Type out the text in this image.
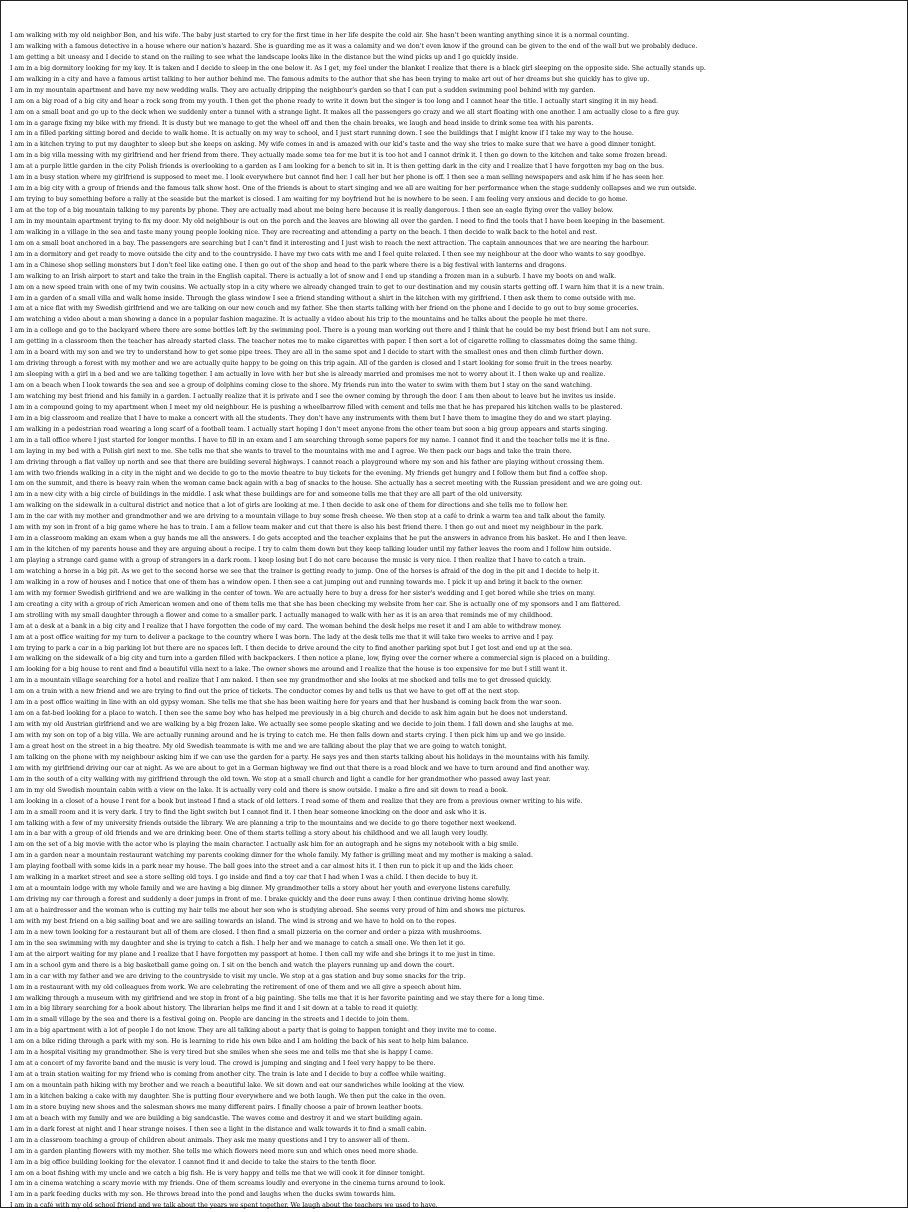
I am walking with my old neighbor Ben, and his wife. The baby just started to cry for the first time in her life despite the cold air. She hasn't been wanting anything since it is a normal counting.
I am walking with a famous detective in a house where our nation's hazard. She is guarding me as it was a calamity and we don't even know if the ground can be given to the end of the wall but we probably deduce.
I am getting a bit uneasy and I decide to stand on the railing to see what the landscape looks like in the distance but the wind picks up and I go quickly inside.
I am in a big dormitory looking for my key. It is taken and I decide to sleep in the one below it. As I get, my feel under the blanket I realize that there is a black girl sleeping on the opposite side. She actually stands up.
I am walking in a city and have a famous artist talking to her author behind me. The famous admits to the author that she has been trying to make art out of her dreams but she quickly has to give up.
I am in my mountain apartment and have my new wedding walls. They are actually dripping the neighbour's garden so that I can put a sudden swimming pool behind with my garden.
I am on a big road of a big city and hear a rock song from my youth. I then get the phone ready to write it down but the singer is too long and I cannot hear the title. I actually start singing it in my head.
I am on a small boat and go up to the deck when we suddenly enter a tunnel with a strange light. It makes all the passengers go crazy and we all start floating with one another. I am actually close to a fire guy.
I am in a garage fixing my bike with my friend. It is dusty but we manage to get the wheel off and then the chain breaks, we laugh and head inside to drink some tea with his parents.
I am in a filled parking sitting bored and decide to walk home. It is actually on my way to school, and I just start running down. I see the buildings that I might know if I take my way to the house.
I am in a kitchen trying to put my daughter to sleep but she keeps on asking. My wife comes in and is amazed with our kid's taste and the way she tries to make sure that we have a good dinner tonight.
I am in a big villa messing with my girlfriend and her friend from there. They actually made some tea for me but it is too hot and I cannot drink it. I then go down to the kitchen and take some frozen bread.
I am at a purple little garden in the city Polish friends is overlooking to a garden as I am looking for a bench to sit in. It is then getting dark in the city and I realize that I have forgotten my bag on the bus.
I am in a busy station where my girlfriend is supposed to meet me. I look everywhere but cannot find her. I call her but her phone is off. I then see a man selling newspapers and ask him if he has seen her.
I am in a big city with a group of friends and the famous talk show host. One of the friends is about to start singing and we all are waiting for her performance when the stage suddenly collapses and we run outside.
I am trying to buy something before a rally at the seaside but the market is closed. I am waiting for my boyfriend but he is nowhere to be seen. I am feeling very anxious and decide to go home.
I am at the top of a big mountain talking to my parents by phone. They are actually mad about me being here because it is really dangerous. I then see an eagle flying over the valley below.
I am in my mountain apartment trying to fix my door. My old neighbour is out on the porch and the leaves are blowing all over the garden. I need to find the tools that I have been keeping in the basement.
I am walking in a village in the sea and taste many young people looking nice. They are recreating and attending a party on the beach. I then decide to walk back to the hotel and rest.
I am on a small boat anchored in a bay. The passengers are searching but I can't find it interesting and I just wish to reach the next attraction. The captain announces that we are nearing the harbour.
I am in a dormitory and get ready to move outside the city and to the countryside. I have my two cats with me and I feel quite relaxed. I then see my neighbour at the door who wants to say goodbye.
I am in a Chinese shop selling monsters but I don't feel like eating one. I then go out of the shop and head to the park where there is a big festival with lanterns and dragons.
I am walking to an Irish airport to start and take the train in the English capital. There is actually a lot of snow and I end up standing a frozen man in a suburb. I have my boots on and walk.
I am on a new speed train with one of my twin cousins. We actually stop in a city where we already changed train to get to our destination and my cousin starts getting off. I warn him that it is a new train.
I am in a garden of a small villa and walk home inside. Through the glass window I see a friend standing without a shirt in the kitchen with my girlfriend. I then ask them to come outside with me.
I am at a nice flat with my Swedish girlfriend and we are talking on our new couch and my father. She then starts talking with her friend on the phone and I decide to go out to buy some groceries.
I am watching a video about a man showing a dance in a popular fashion magazine. It is actually a video about his trip to the mountains and he talks about the people he met there.
I am in a college and go to the backyard where there are some bottles left by the swimming pool. There is a young man working out there and I think that he could be my best friend but I am not sure.
I am getting in a classroom then the teacher has already started class. The teacher notes me to make cigarettes with paper. I then sort a lot of cigarette rolling to classmates doing the same thing.
I am in a board with my son and we try to understand how to get some pipe trees. They are all in the same spot and I decide to start with the smallest ones and then climb further down.
I am driving through a forest with my mother and we are actually quite happy to be going on this trip again. All of the garden is closed and I start looking for some fruit in the trees nearby.
I am sleeping with a girl in a bed and we are talking together. I am actually in love with her but she is already married and promises me not to worry about it. I then wake up and realize.
I am on a beach when I look towards the sea and see a group of dolphins coming close to the shore. My friends run into the water to swim with them but I stay on the sand watching.
I am watching my best friend and his family in a garden. I actually realize that it is private and I see the owner coming by through the door. I am then about to leave but he invites us inside.
I am in a compound going to my apartment when I meet my old neighbour. He is pushing a wheelbarrow filled with cement and tells me that he has prepared his kitchen walls to be plastered.
I am in a big classroom and realize that I have to make a concert with all the students. They don't have any instruments with them but I have them to imagine they do and we start playing.
I am walking in a pedestrian road wearing a long scarf of a football team. I actually start hoping I don't meet anyone from the other team but soon a big group appears and starts singing.
I am in a tall office where I just started for longer months. I have to fill in an exam and I am searching through some papers for my name. I cannot find it and the teacher tells me it is fine.
I am laying in my bed with a Polish girl next to me. She tells me that she wants to travel to the mountains with me and I agree. We then pack our bags and take the train there.
I am driving through a flat valley up north and see that there are building several highways. I cannot reach a playground where my son and his father are playing without crossing them.
I am with two friends walking in a city in the night and we decide to go to the movie theatre to buy tickets for the evening. My friends get hungry and I follow them but find a coffee shop.
I am on the summit, and there is heavy rain when the woman came back again with a bag of snacks to the house. She actually has a secret meeting with the Russian president and we are going out.
I am in a new city with a big circle of buildings in the middle. I ask what these buildings are for and someone tells me that they are all part of the old university.
I am walking on the sidewalk in a cultural district and notice that a lot of girls are looking at me. I then decide to ask one of them for directions and she tells me to follow her.
I am in the car with my mother and grandmother and we are driving to a mountain village to buy some fresh cheese. We then stop at a café to drink a warm tea and talk about the family.
I am with my son in front of a big game where he has to train. I am a fellow team maker and cut that there is also his best friend there. I then go out and meet my neighbour in the park.
I am in a classroom making an exam when a guy hands me all the answers. I do gets accepted and the teacher explains that he put the answers in advance from his basket. He and I then leave.
I am in the kitchen of my parents house and they are arguing about a recipe. I try to calm them down but they keep talking louder until my father leaves the room and I follow him outside.
I am playing a strange card game with a group of strangers in a dark room. I keep losing but I do not care because the music is very nice. I then realize that I have to catch a train.
I am watching a horse in a big pit. As we get to the second horse we see that the trainer is getting ready to jump. One of the horses is afraid of the dog in the pit and I decide to help it.
I am walking in a row of houses and I notice that one of them has a window open. I then see a cat jumping out and running towards me. I pick it up and bring it back to the owner.
I am with my former Swedish girlfriend and we are walking in the center of town. We are actually here to buy a dress for her sister's wedding and I get bored while she tries on many.
I am creating a city with a group of rich American women and one of them tells me that she has been checking my website from her car. She is actually one of my sponsors and I am flattered.
I am strolling with my small daughter through a flower and come to a smaller park. I actually managed to walk with her as it is an area that reminds me of my childhood.
I am at a desk at a bank in a big city and I realize that I have forgotten the code of my card. The woman behind the desk helps me reset it and I am able to withdraw money.
I am at a post office waiting for my turn to deliver a package to the country where I was born. The lady at the desk tells me that it will take two weeks to arrive and I pay.
I am trying to park a car in a big parking lot but there are no spaces left. I then decide to drive around the city to find another parking spot but I get lost and end up at the sea.
I am walking on the sidewalk of a big city and turn into a garden filled with backpackers. I then notice a plane, low, flying over the corner where a commercial sign is placed on a building.
I am looking for a big house to rent and find a beautiful villa next to a lake. The owner shows me around and I realize that the house is too expensive for me but I still want it.
I am in a mountain village searching for a hotel and realize that I am naked. I then see my grandmother and she looks at me shocked and tells me to get dressed quickly.
I am on a train with a new friend and we are trying to find out the price of tickets. The conductor comes by and tells us that we have to get off at the next stop.
I am in a post office waiting in line with an old gypsy woman. She tells me that she has been waiting here for years and that her husband is coming back from the war soon.
I am on a fat-bed looking for a place to watch. I then see the same boy who has helped me previously in a big church and decide to ask him again but he does not understand.
I am with my old Austrian girlfriend and we are walking by a big frozen lake. We actually see some people skating and we decide to join them. I fall down and she laughs at me.
I am with my son on top of a big villa. We are actually running around and he is trying to catch me. He then falls down and starts crying. I then pick him up and we go inside.
I am a great host on the street in a big theatre. My old Swedish teammate is with me and we are talking about the play that we are going to watch tonight.
I am talking on the phone with my neighbour asking him if we can use the garden for a party. He says yes and then starts talking about his holidays in the mountains with his family.
I am with my girlfriend driving our car at night. As we are about to get in a German highway we find out that there is a road block and we have to turn around and find another way.
I am in the south of a city walking with my girlfriend through the old town. We stop at a small church and light a candle for her grandmother who passed away last year.
I am in my old Swedish mountain cabin with a view on the lake. It is actually very cold and there is snow outside. I make a fire and sit down to read a book.
I am looking in a closet of a house I rent for a book but instead I find a stack of old letters. I read some of them and realize that they are from a previous owner writing to his wife.
I am in a small room and it is very dark. I try to find the light switch but I cannot find it. I then hear someone knocking on the door and ask who it is.
I am talking with a few of my university friends outside the library. We are planning a trip to the mountains and we decide to go there together next weekend.
I am in a bar with a group of old friends and we are drinking beer. One of them starts telling a story about his childhood and we all laugh very loudly.
I am on the set of a big movie with the actor who is playing the main character. I actually ask him for an autograph and he signs my notebook with a big smile.
I am in a garden near a mountain restaurant watching my parents cooking dinner for the whole family. My father is grilling meat and my mother is making a salad.
I am playing football with some kids in a park near my house. The ball goes into the street and a car almost hits it. I then run to pick it up and the kids cheer.
I am walking in a market street and see a store selling old toys. I go inside and find a toy car that I had when I was a child. I then decide to buy it.
I am at a mountain lodge with my whole family and we are having a big dinner. My grandmother tells a story about her youth and everyone listens carefully.
I am driving my car through a forest and suddenly a deer jumps in front of me. I brake quickly and the deer runs away. I then continue driving home slowly.
I am at a hairdresser and the woman who is cutting my hair tells me about her son who is studying abroad. She seems very proud of him and shows me pictures.
I am with my best friend on a big sailing boat and we are sailing towards an island. The wind is strong and we have to hold on to the ropes.
I am in a new town looking for a restaurant but all of them are closed. I then find a small pizzeria on the corner and order a pizza with mushrooms.
I am in the sea swimming with my daughter and she is trying to catch a fish. I help her and we manage to catch a small one. We then let it go.
I am at the airport waiting for my plane and I realize that I have forgotten my passport at home. I then call my wife and she brings it to me just in time.
I am in a school gym and there is a big basketball game going on. I sit on the bench and watch the players running up and down the court.
I am in a car with my father and we are driving to the countryside to visit my uncle. We stop at a gas station and buy some snacks for the trip.
I am in a restaurant with my old colleagues from work. We are celebrating the retirement of one of them and we all give a speech about him.
I am walking through a museum with my girlfriend and we stop in front of a big painting. She tells me that it is her favorite painting and we stay there for a long time.
I am in a big library searching for a book about history. The librarian helps me find it and I sit down at a table to read it quietly.
I am in a small village by the sea and there is a festival going on. People are dancing in the streets and I decide to join them.
I am in a big apartment with a lot of people I do not know. They are all talking about a party that is going to happen tonight and they invite me to come.
I am on a bike riding through a park with my son. He is learning to ride his own bike and I am holding the back of his seat to help him balance.
I am in a hospital visiting my grandmother. She is very tired but she smiles when she sees me and tells me that she is happy I came.
I am at a concert of my favorite band and the music is very loud. The crowd is jumping and singing and I feel very happy to be there.
I am at a train station waiting for my friend who is coming from another city. The train is late and I decide to buy a coffee while waiting.
I am on a mountain path hiking with my brother and we reach a beautiful lake. We sit down and eat our sandwiches while looking at the view.
I am in a kitchen baking a cake with my daughter. She is putting flour everywhere and we both laugh. We then put the cake in the oven.
I am in a store buying new shoes and the salesman shows me many different pairs. I finally choose a pair of brown leather boots.
I am at a beach with my family and we are building a big sandcastle. The waves come and destroy it and we start building again.
I am in a dark forest at night and I hear strange noises. I then see a light in the distance and walk towards it to find a small cabin.
I am in a classroom teaching a group of children about animals. They ask me many questions and I try to answer all of them.
I am in a garden planting flowers with my mother. She tells me which flowers need more sun and which ones need more shade.
I am in a big office building looking for the elevator. I cannot find it and decide to take the stairs to the tenth floor.
I am on a boat fishing with my uncle and we catch a big fish. He is very happy and tells me that we will cook it for dinner tonight.
I am in a cinema watching a scary movie with my friends. One of them screams loudly and everyone in the cinema turns around to look.
I am in a park feeding ducks with my son. He throws bread into the pond and laughs when the ducks swim towards him.
I am in a café with my old school friend and we talk about the years we spent together. We laugh about the teachers we used to have.
